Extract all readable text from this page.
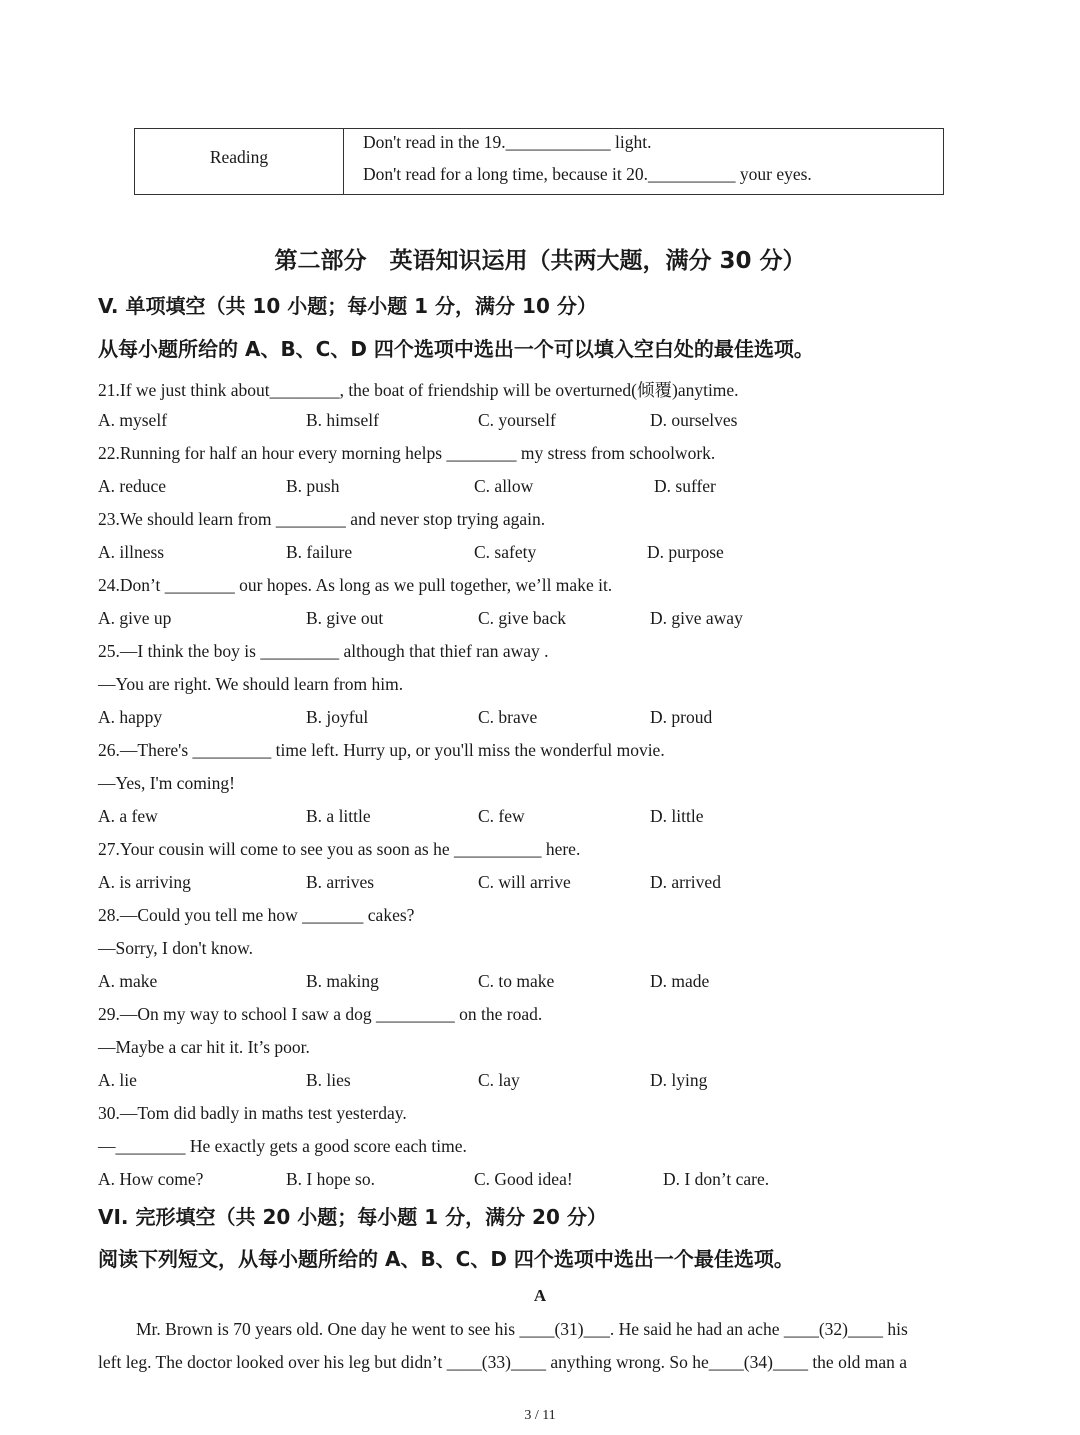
Reading
Don't read in the 19.____________ light.
Don't read for a long time, because it 20.__________ your eyes.
第二部分　英语知识运用（共两大题，满分 30 分）
V. 单项填空（共 10 小题；每小题 1 分，满分 10 分）
从每小题所给的 A、B、C、D 四个选项中选出一个可以填入空白处的最佳选项。
21.If we just think about________, the boat of friendship will be overturned(倾覆)anytime.
A. myself	B. himself	C. yourself	D. ourselves
22.Running for half an hour every morning helps ________ my stress from schoolwork.
A. reduce	B. push	C. allow	D. suffer
23.We should learn from ________ and never stop trying again.
A. illness	B. failure	C. safety	D. purpose
24.Don’t ________ our hopes. As long as we pull together, we’ll make it.
A. give up	B. give out	C. give back	D. give away
25.—I think the boy is _________ although that thief ran away .
—You are right. We should learn from him.
A. happy	B. joyful	C. brave	D. proud
26.—There's _________ time left. Hurry up, or you'll miss the wonderful movie.
—Yes, I'm coming!
A. a few	B. a little	C. few	D. little
27.Your cousin will come to see you as soon as he __________ here.
A. is arriving	B. arrives	C. will arrive	D. arrived
28.—Could you tell me how _______ cakes?
—Sorry, I don't know.
A. make	B. making	C. to make	D. made
29.—On my way to school I saw a dog _________ on the road.
—Maybe a car hit it. It’s poor.
A. lie	B. lies	C. lay	D. lying
30.—Tom did badly in maths test yesterday.
—________ He exactly gets a good score each time.
A. How come?	B. I hope so.	C. Good idea!	D. I don’t care.
VI. 完形填空（共 20 小题；每小题 1 分，满分 20 分）
阅读下列短文，从每小题所给的 A、B、C、D 四个选项中选出一个最佳选项。
A
Mr. Brown is 70 years old. One day he went to see his ____(31)___. He said he had an ache ____(32)____ his
left leg. The doctor looked over his leg but didn’t ____(33)____ anything wrong. So he____(34)____ the old man a
3 / 11
